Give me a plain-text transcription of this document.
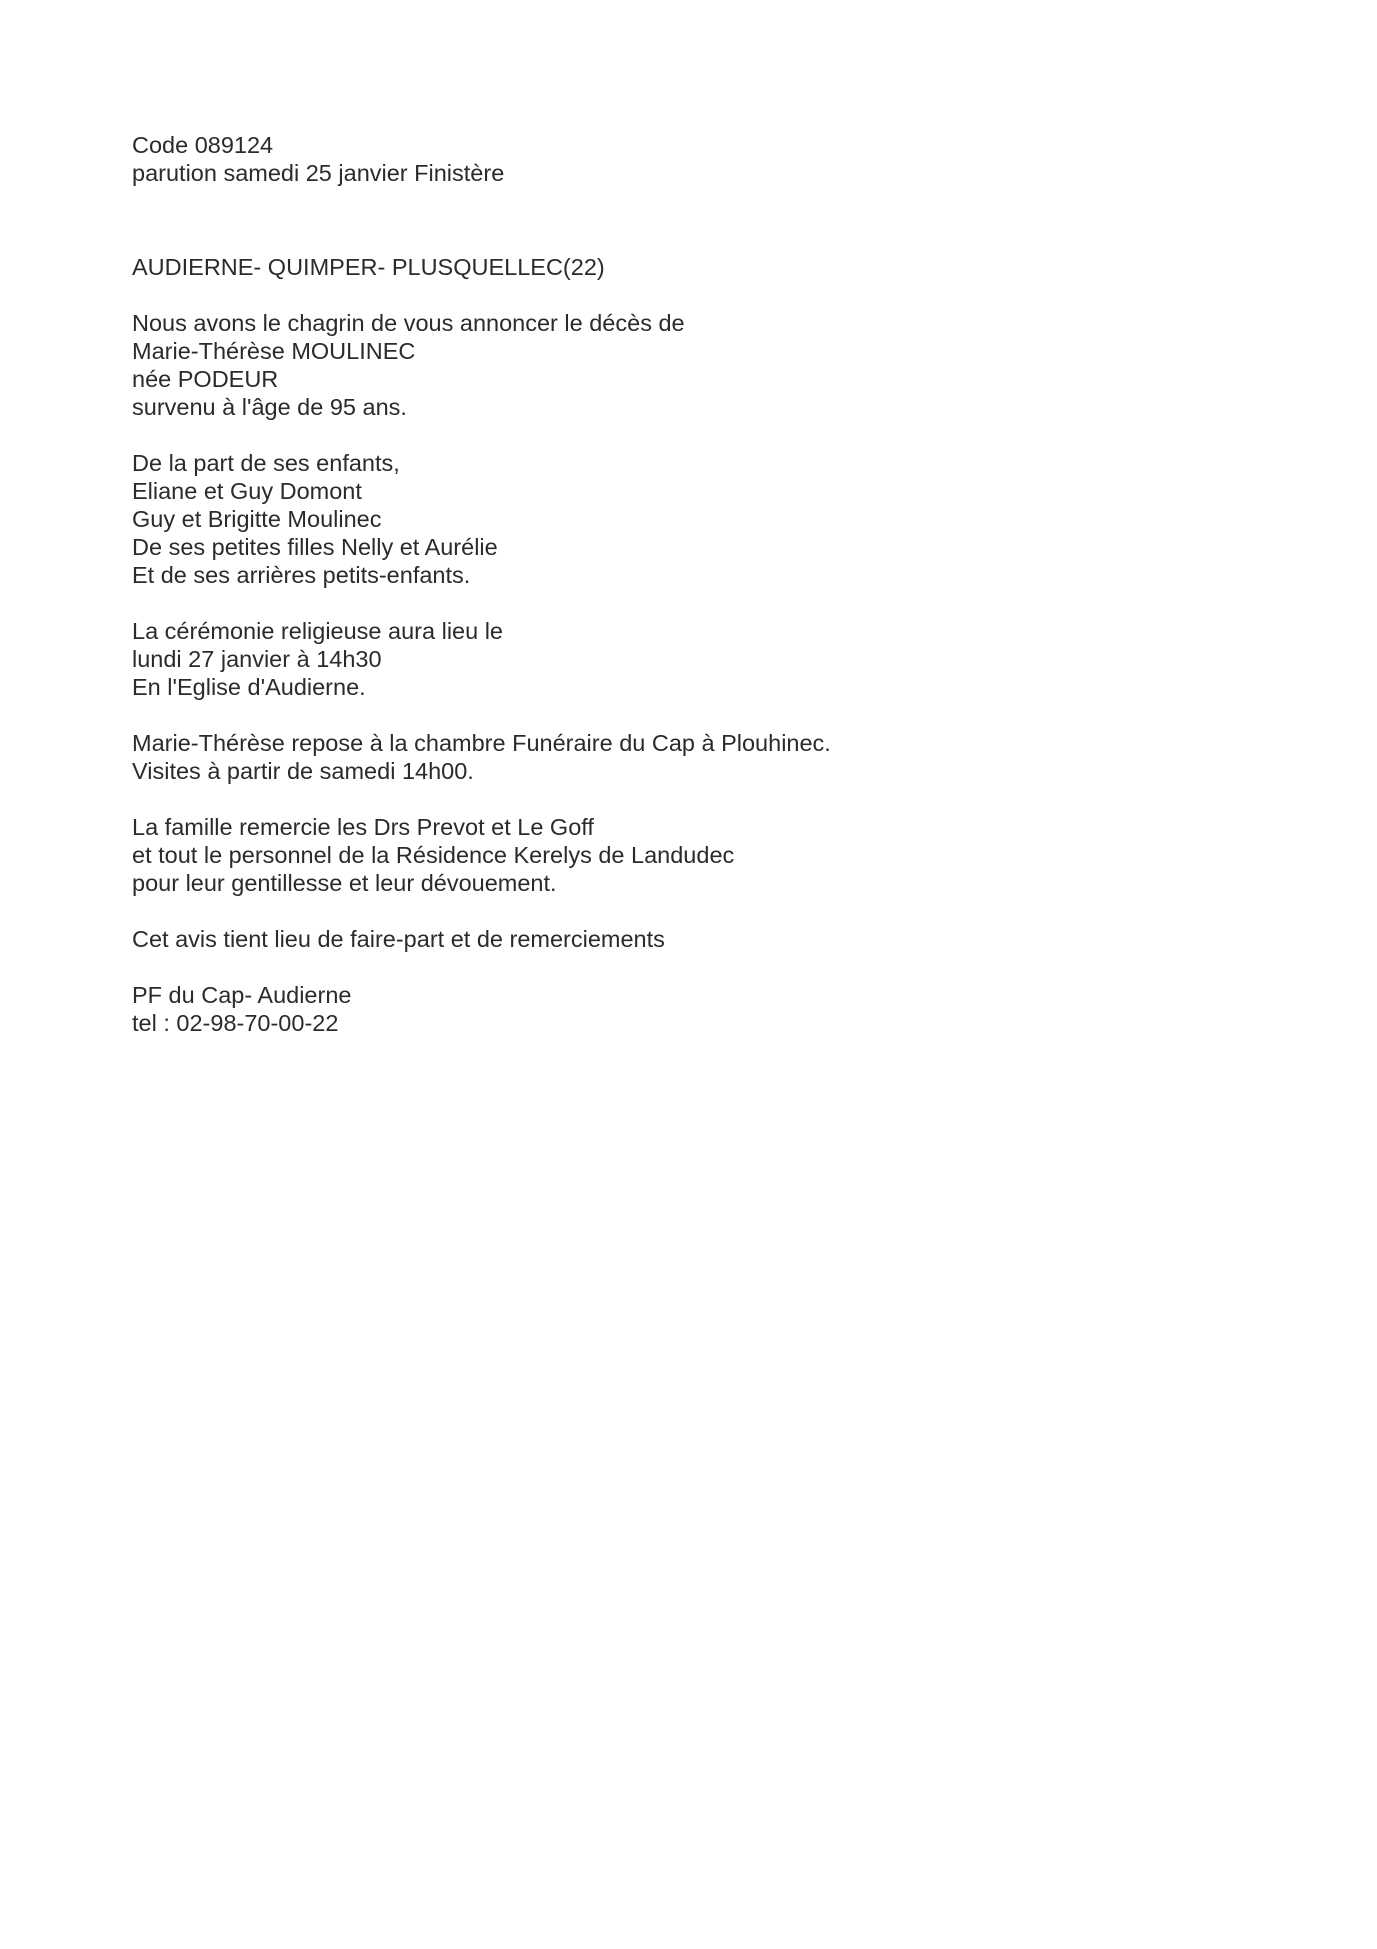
Code 089124
parution samedi 25 janvier Finistère
AUDIERNE- QUIMPER- PLUSQUELLEC(22)
Nous avons le chagrin de vous annoncer le décès de
Marie-Thérèse MOULINEC
née PODEUR
survenu à l'âge de 95 ans.
De la part de ses enfants,
Eliane et Guy Domont
Guy et Brigitte Moulinec
De ses petites filles Nelly et Aurélie
Et de ses arrières petits-enfants.
La cérémonie religieuse aura lieu le
lundi 27 janvier à 14h30
En l'Eglise d'Audierne.
Marie-Thérèse repose à la chambre Funéraire du Cap à Plouhinec.
Visites à partir de samedi 14h00.
La famille remercie les Drs Prevot et Le Goff
et tout le personnel de la Résidence Kerelys de Landudec
pour leur gentillesse et leur dévouement.
Cet avis tient lieu de faire-part et de remerciements
PF du Cap- Audierne
tel : 02-98-70-00-22
